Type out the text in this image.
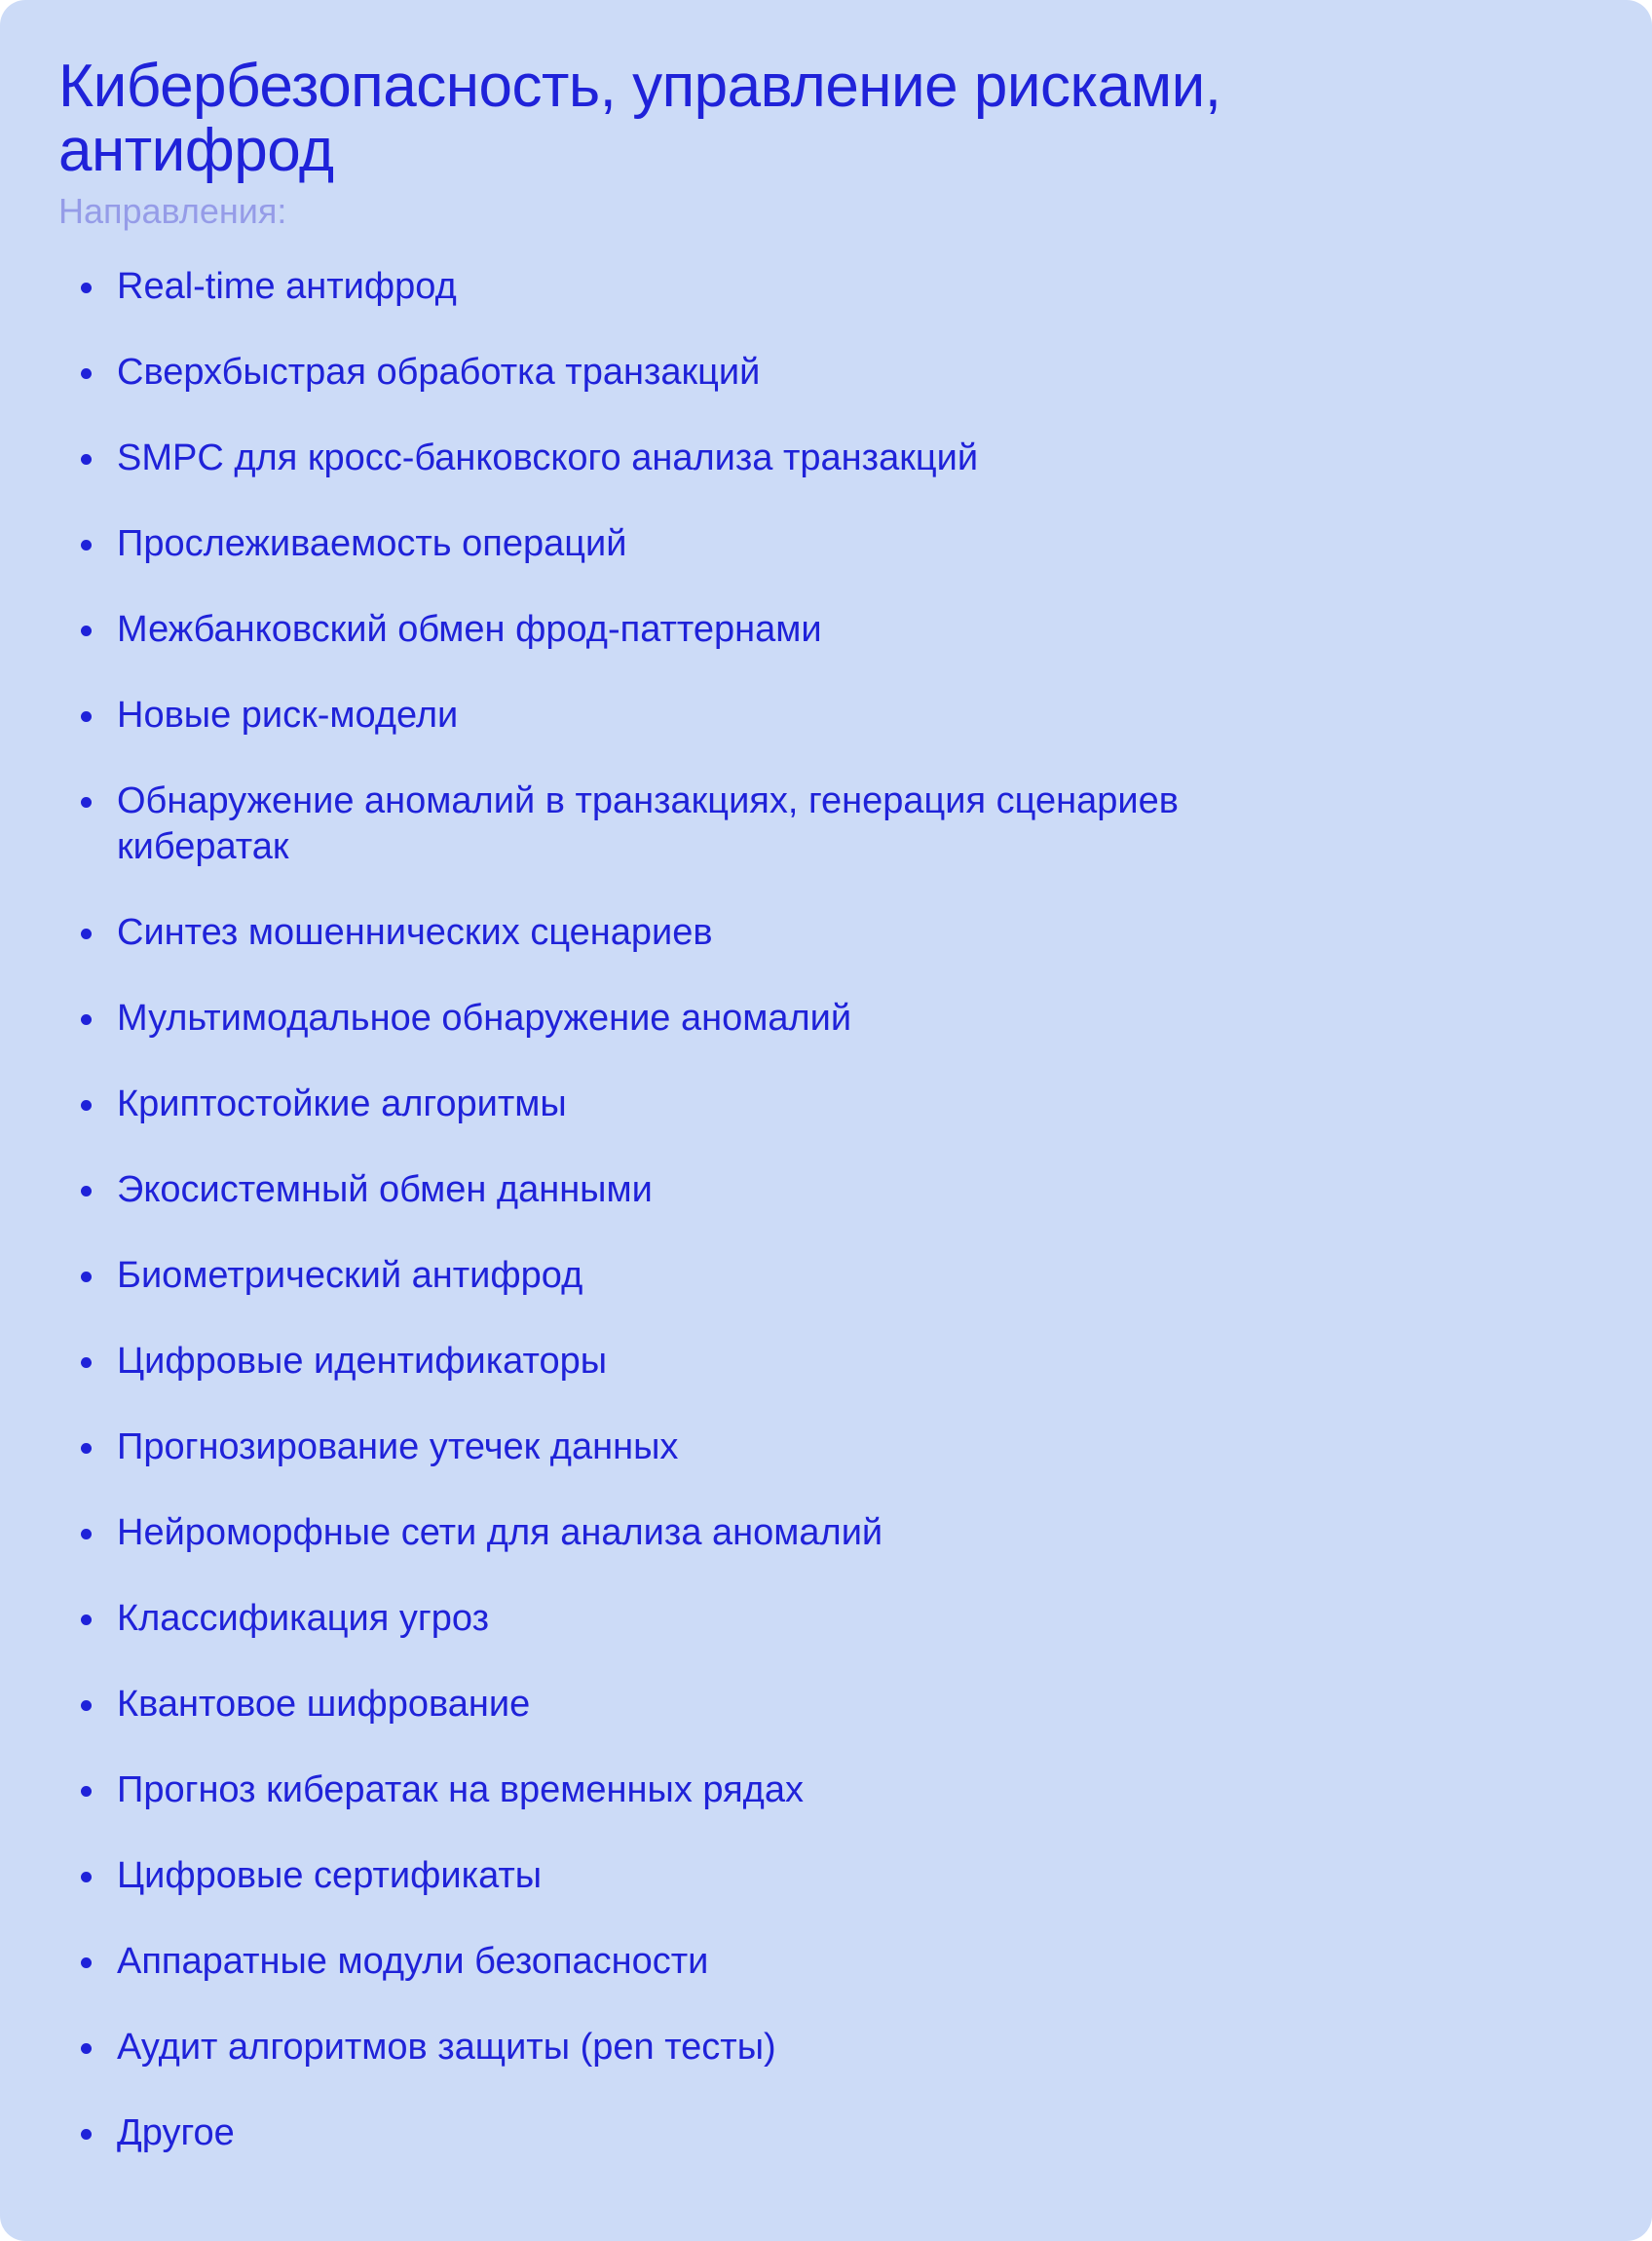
Кибербезопасность, управление рисками, антифрод
Направления:
Real-time антифрод
Сверхбыстрая обработка транзакций
SMPC для кросс-банковского анализа транзакций
Прослеживаемость операций
Межбанковский обмен фрод-паттернами
Новые риск-модели
Обнаружение аномалий в транзакциях, генерация сценариев кибератак
Синтез мошеннических сценариев
Мультимодальное обнаружение аномалий
Криптостойкие алгоритмы
Экосистемный обмен данными
Биометрический антифрод
Цифровые идентификаторы
Прогнозирование утечек данных
Нейроморфные сети для анализа аномалий
Классификация угроз
Квантовое шифрование
Прогноз кибератак на временных рядах
Цифровые сертификаты
Аппаратные модули безопасности
Аудит алгоритмов защиты (pen тесты)
Другое
